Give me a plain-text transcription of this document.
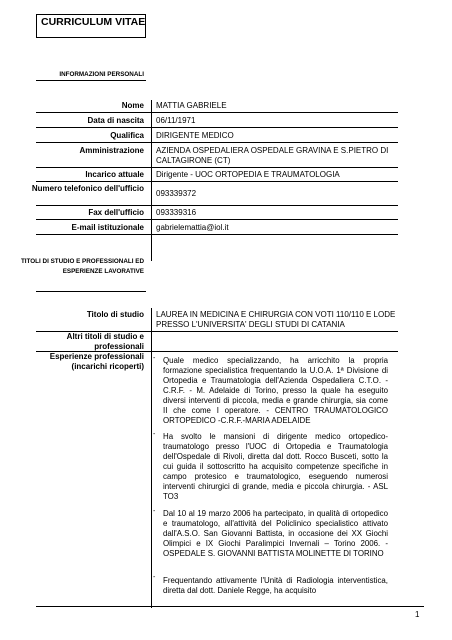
CURRICULUM VITAE
INFORMAZIONI PERSONALI
Nome MATTIA GABRIELE
Data di nascita 06/11/1971
Qualifica DIRIGENTE MEDICO
Amministrazione AZIENDA OSPEDALIERA OSPEDALE GRAVINA E S.PIETRO DI CALTAGIRONE (CT)
Incarico attuale Dirigente - UOC ORTOPEDIA E TRAUMATOLOGIA
Numero telefonico dell'ufficio
093339372
Fax dell'ufficio 093339316
E-mail istituzionale gabrielemattia@iol.it
TITOLI DI STUDIO E PROFESSIONALI ED ESPERIENZE LAVORATIVE
Titolo di studio LAUREA IN MEDICINA E CHIRURGIA CON VOTI 110/110 E LODE PRESSO L'UNIVERSITA' DEGLI STUDI DI CATANIA
Altri titoli di studio e professionali
Esperienze professionali (incarichi ricoperti)
- Quale medico specializzando, ha arricchito la propria formazione specialistica frequentando la U.O.A. 1ª Divisione di Ortopedia e Traumatologia dell'Azienda Ospedaliera C.T.O. - C.R.F. - M. Adelaide di Torino, presso la quale ha eseguito diversi interventi di piccola, media e grande chirurgia, sia come II che come I operatore. - CENTRO TRAUMATOLOGICO ORTOPEDICO -C.R.F.-MARIA ADELAIDE
- Ha svolto le mansioni di dirigente medico ortopedico-traumatologo presso l'UOC di Ortopedia e Traumatologia dell'Ospedale di Rivoli, diretta dal dott. Rocco Busceti, sotto la cui guida il sottoscritto ha acquisito competenze specifiche in campo protesico e traumatologico, eseguendo numerosi interventi chirurgici di grande, media e piccola chirurgia. - ASL TO3
- Dal 10 al 19 marzo 2006 ha partecipato, in qualità di ortopedico e traumatologo, all'attività del Policlinico specialistico attivato dall'A.S.O. San Giovanni Battista, in occasione dei XX Giochi Olimpici e IX Giochi Paralimpici Invernali – Torino 2006. - OSPEDALE S. GIOVANNI BATTISTA MOLINETTE DI TORINO
- Frequentando attivamente l'Unità di Radiologia interventistica, diretta dal dott. Daniele Regge, ha acquisito
1
